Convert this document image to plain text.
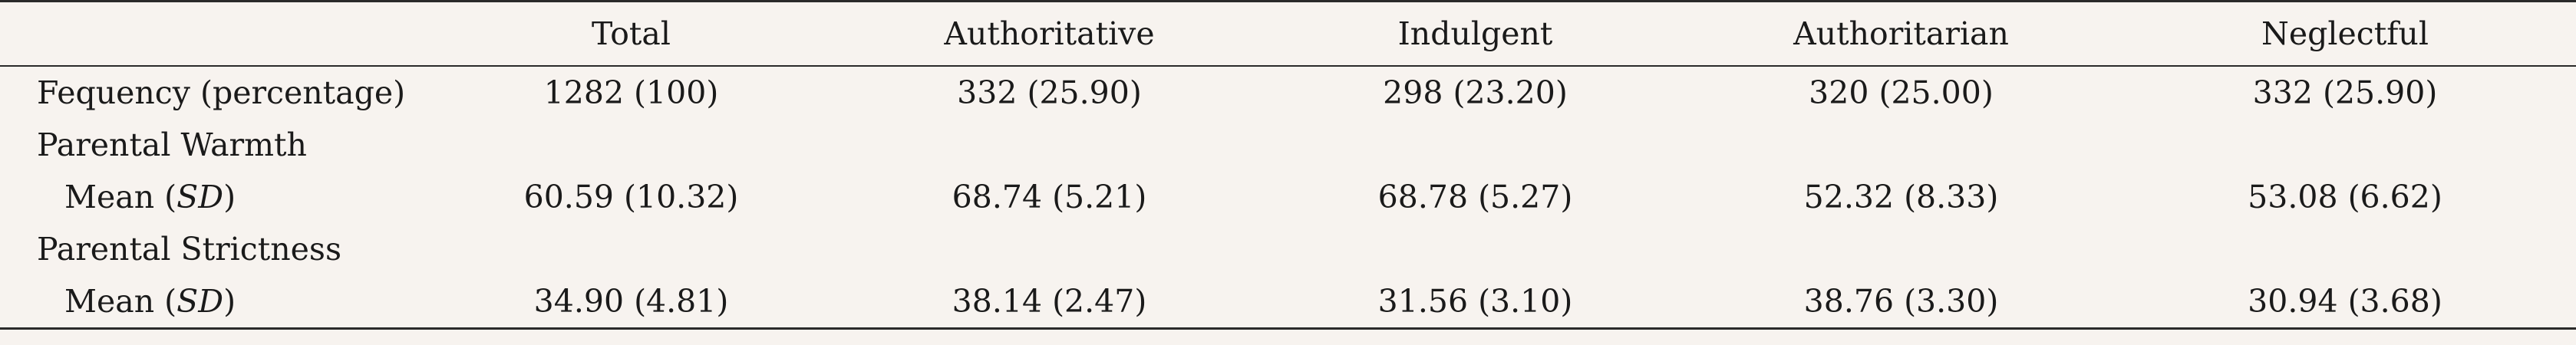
	Total	Authoritative	Indulgent	Authoritarian	Neglectful
Fequency (percentage)	1282 (100)	332 (25.90)	298 (23.20)	320 (25.00)	332 (25.90)
Parental Warmth					
Mean (SD)	60.59 (10.32)	68.74 (5.21)	68.78 (5.27)	52.32 (8.33)	53.08 (6.62)
Parental Strictness					
Mean (SD)	34.90 (4.81)	38.14 (2.47)	31.56 (3.10)	38.76 (3.30)	30.94 (3.68)
